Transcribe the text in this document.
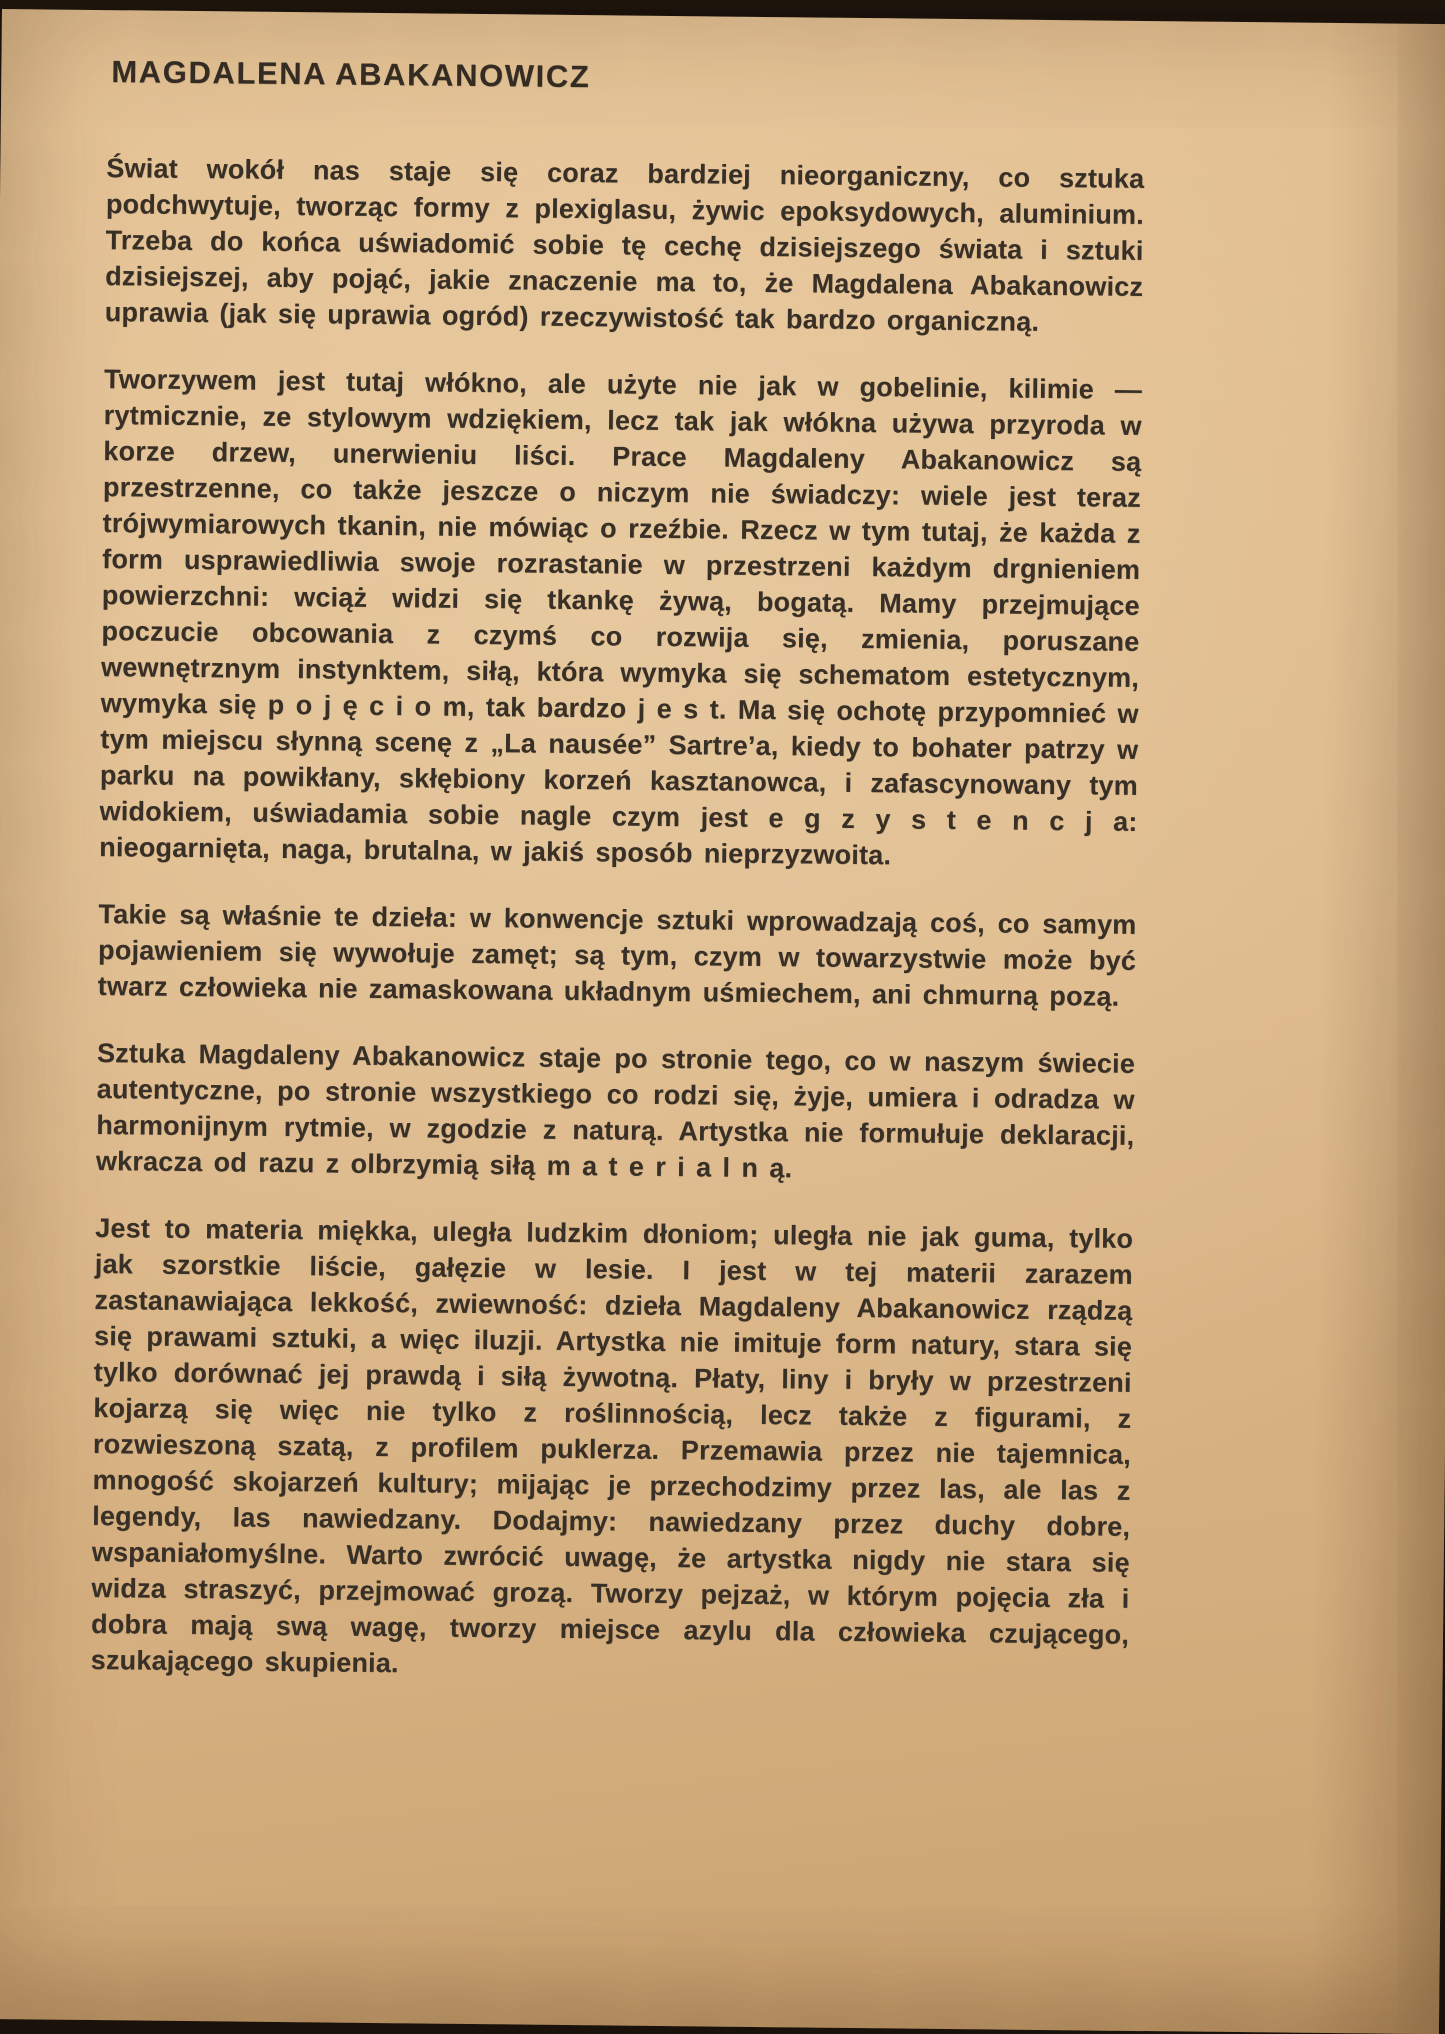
MAGDALENA ABAKANOWICZ

Świat wokół nas staje się coraz bardziej nieorganiczny, co sztuka podchwytuje, tworząc formy z plexiglasu, żywic epoksydowych, aluminium. Trzeba do końca uświadomić sobie tę cechę dzisiejszego świata i sztuki dzisiejszej, aby pojąć, jakie znaczenie ma to, że Magdalena Abakanowicz uprawia (jak się uprawia ogród) rzeczywistość tak bardzo organiczną.

Tworzywem jest tutaj włókno, ale użyte nie jak w gobelinie, kilimie — rytmicznie, ze stylowym wdziękiem, lecz tak jak włókna używa przyroda w korze drzew, unerwieniu liści. Prace Magdaleny Abakanowicz są przestrzenne, co także jeszcze o niczym nie świadczy: wiele jest teraz trójwymiarowych tkanin, nie mówiąc o rzeźbie. Rzecz w tym tutaj, że każda z form usprawiedliwia swoje rozrastanie w przestrzeni każdym drgnieniem powierzchni: wciąż widzi się tkankę żywą, bogatą. Mamy przejmujące poczucie obcowania z czymś co rozwija się, zmienia, poruszane wewnętrznym instynktem, siłą, która wymyka się schematom estetycznym, wymyka się p o j ę c i o m, tak bardzo j e s t. Ma się ochotę przypomnieć w tym miejscu słynną scenę z „La nausée” Sartre’a, kiedy to bohater patrzy w parku na powikłany, skłębiony korzeń kasztanowca, i zafascynowany tym widokiem, uświadamia sobie nagle czym jest e g z y s t e n c j a: nieogarnięta, naga, brutalna, w jakiś sposób nieprzyzwoita.

Takie są właśnie te dzieła: w konwencje sztuki wprowadzają coś, co samym pojawieniem się wywołuje zamęt; są tym, czym w towarzystwie może być twarz człowieka nie zamaskowana układnym uśmiechem, ani chmurną pozą.

Sztuka Magdaleny Abakanowicz staje po stronie tego, co w naszym świecie autentyczne, po stronie wszystkiego co rodzi się, żyje, umiera i odradza w harmonijnym rytmie, w zgodzie z naturą. Artystka nie formułuje deklaracji, wkracza od razu z olbrzymią siłą m a t e r i a l n ą.

Jest to materia miękka, uległa ludzkim dłoniom; uległa nie jak guma, tylko jak szorstkie liście, gałęzie w lesie. I jest w tej materii zarazem zastanawiająca lekkość, zwiewność: dzieła Magdaleny Abakanowicz rządzą się prawami sztuki, a więc iluzji. Artystka nie imituje form natury, stara się tylko dorównać jej prawdą i siłą żywotną. Płaty, liny i bryły w przestrzeni kojarzą się więc nie tylko z roślinnością, lecz także z figurami, z rozwieszoną szatą, z profilem puklerza. Przemawia przez nie tajemnica, mnogość skojarzeń kultury; mijając je przechodzimy przez las, ale las z legendy, las nawiedzany. Dodajmy: nawiedzany przez duchy dobre, wspaniałomyślne. Warto zwrócić uwagę, że artystka nigdy nie stara się widza straszyć, przejmować grozą. Tworzy pejzaż, w którym pojęcia zła i dobra mają swą wagę, tworzy miejsce azylu dla człowieka czującego, szukającego skupienia.
